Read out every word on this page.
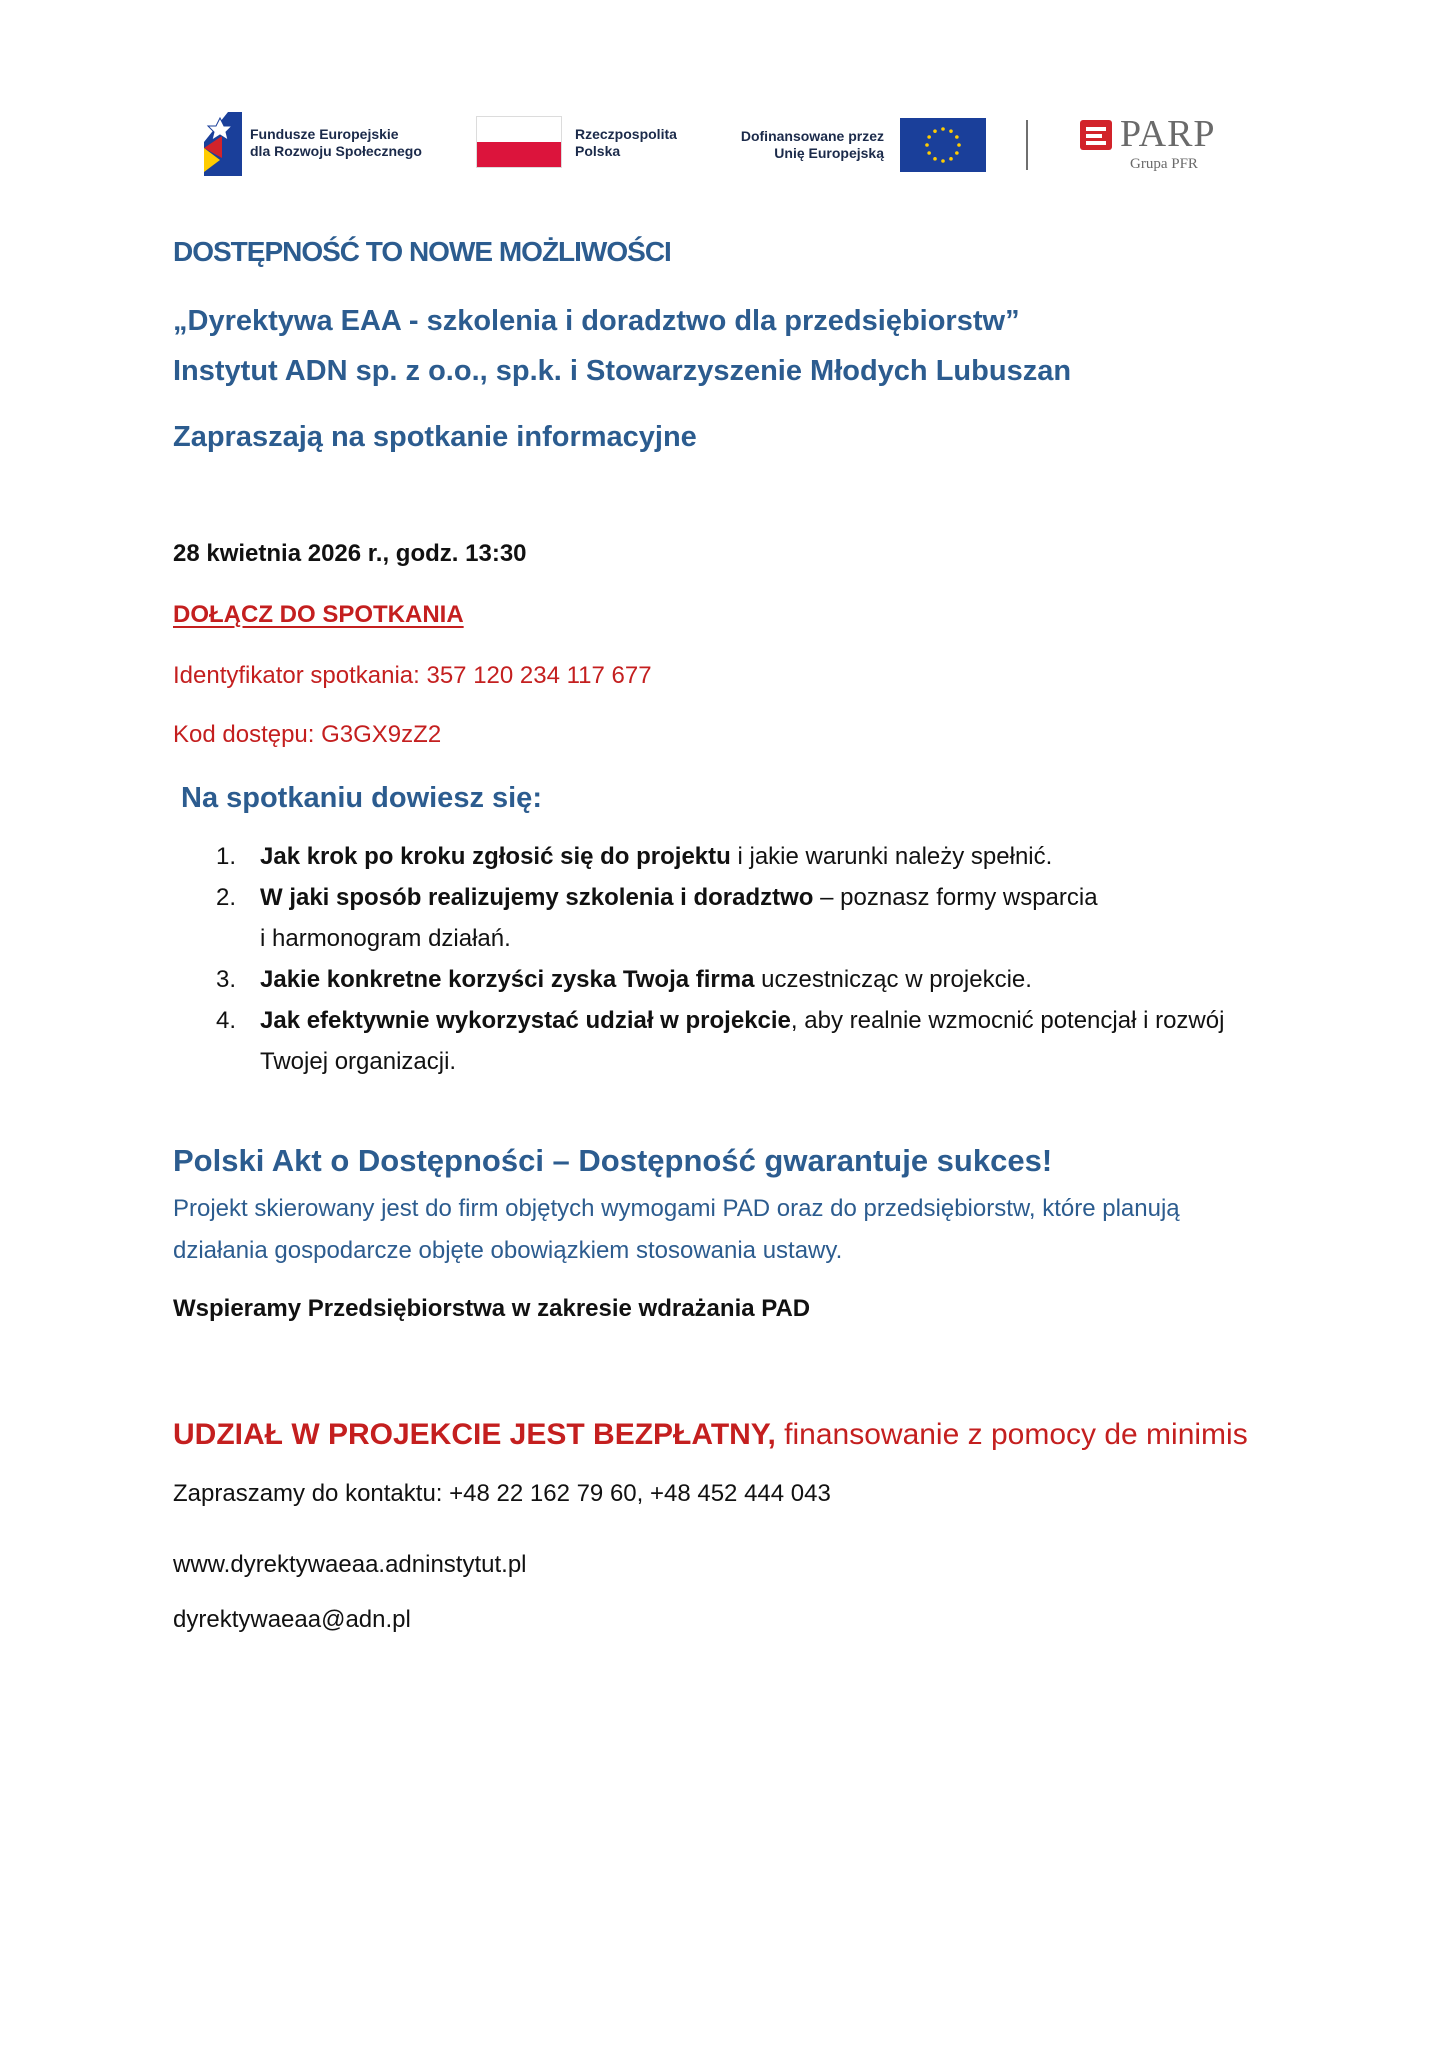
Fundusze Europejskie
dla Rozwoju Społecznego
Rzeczpospolita
Polska
Dofinansowane przez
Unię Europejską	PARP
Grupa PFR
DOSTĘPNOŚĆ TO NOWE MOŻLIWOŚCI
„Dyrektywa EAA - szkolenia i doradztwo dla przedsiębiorstw”
Instytut ADN sp. z o.o., sp.k. i Stowarzyszenie Młodych Lubuszan
Zapraszają na spotkanie informacyjne
28 kwietnia 2026 r., godz. 13:30
DOŁĄCZ DO SPOTKANIA
Identyfikator spotkania: 357 120 234 117 677
Kod dostępu: G3GX9zZ2
Na spotkaniu dowiesz się:
1. Jak krok po kroku zgłosić się do projektu i jakie warunki należy spełnić.
2. W jaki sposób realizujemy szkolenia i doradztwo – poznasz formy wsparcia
i harmonogram działań.
3. Jakie konkretne korzyści zyska Twoja firma uczestnicząc w projekcie.
4. Jak efektywnie wykorzystać udział w projekcie, aby realnie wzmocnić potencjał i rozwój
Twojej organizacji.
Polski Akt o Dostępności – Dostępność gwarantuje sukces!
Projekt skierowany jest do firm objętych wymogami PAD oraz do przedsiębiorstw, które planują
działania gospodarcze objęte obowiązkiem stosowania ustawy.
Wspieramy Przedsiębiorstwa w zakresie wdrażania PAD
UDZIAŁ W PROJEKCIE JEST BEZPŁATNY, finansowanie z pomocy de minimis
Zapraszamy do kontaktu: +48 22 162 79 60, +48 452 444 043
www.dyrektywaeaa.adninstytut.pl
dyrektywaeaa@adn.pl
